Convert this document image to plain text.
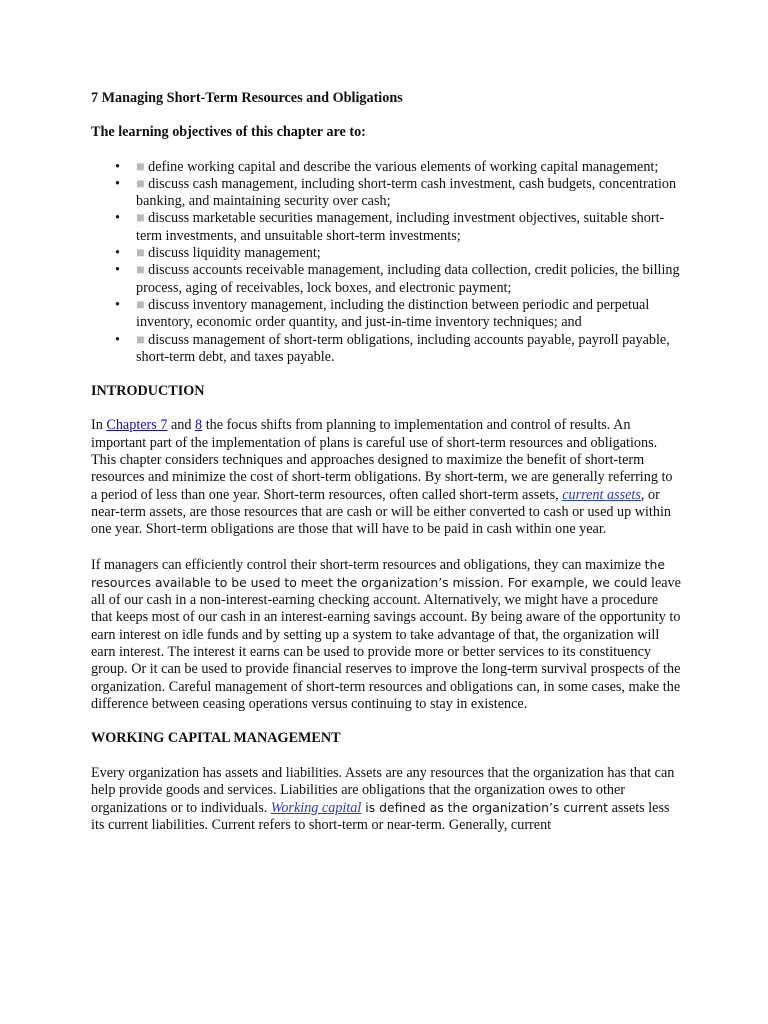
7 Managing Short-Term Resources and Obligations
The learning objectives of this chapter are to:
• ■ define working capital and describe the various elements of working capital management;
• ■ discuss cash management, including short-term cash investment, cash budgets, concentration banking, and maintaining security over cash;
• ■ discuss marketable securities management, including investment objectives, suitable short-term investments, and unsuitable short-term investments;
• ■ discuss liquidity management;
• ■ discuss accounts receivable management, including data collection, credit policies, the billing process, aging of receivables, lock boxes, and electronic payment;
• ■ discuss inventory management, including the distinction between periodic and perpetual inventory, economic order quantity, and just-in-time inventory techniques; and
• ■ discuss management of short-term obligations, including accounts payable, payroll payable, short-term debt, and taxes payable.
INTRODUCTION

In Chapters 7 and 8 the focus shifts from planning to implementation and control of results. An important part of the implementation of plans is careful use of short-term resources and obligations. This chapter considers techniques and approaches designed to maximize the benefit of short-term resources and minimize the cost of short-term obligations. By short-term, we are generally referring to a period of less than one year. Short-term resources, often called short-term assets, current assets, or near-term assets, are those resources that are cash or will be either converted to cash or used up within one year. Short-term obligations are those that will have to be paid in cash within one year.

If managers can efficiently control their short-term resources and obligations, they can maximize the resources available to be used to meet the organization’s mission. For example, we could leave all of our cash in a non-interest-earning checking account. Alternatively, we might have a procedure that keeps most of our cash in an interest-earning savings account. By being aware of the opportunity to earn interest on idle funds and by setting up a system to take advantage of that, the organization will earn interest. The interest it earns can be used to provide more or better services to its constituency group. Or it can be used to provide financial reserves to improve the long-term survival prospects of the organization. Careful management of short-term resources and obligations can, in some cases, make the difference between ceasing operations versus continuing to stay in existence.

WORKING CAPITAL MANAGEMENT

Every organization has assets and liabilities. Assets are any resources that the organization has that can help provide goods and services. Liabilities are obligations that the organization owes to other organizations or to individuals. Working capital is defined as the organization’s current assets less its current liabilities. Current refers to short-term or near-term. Generally, current
